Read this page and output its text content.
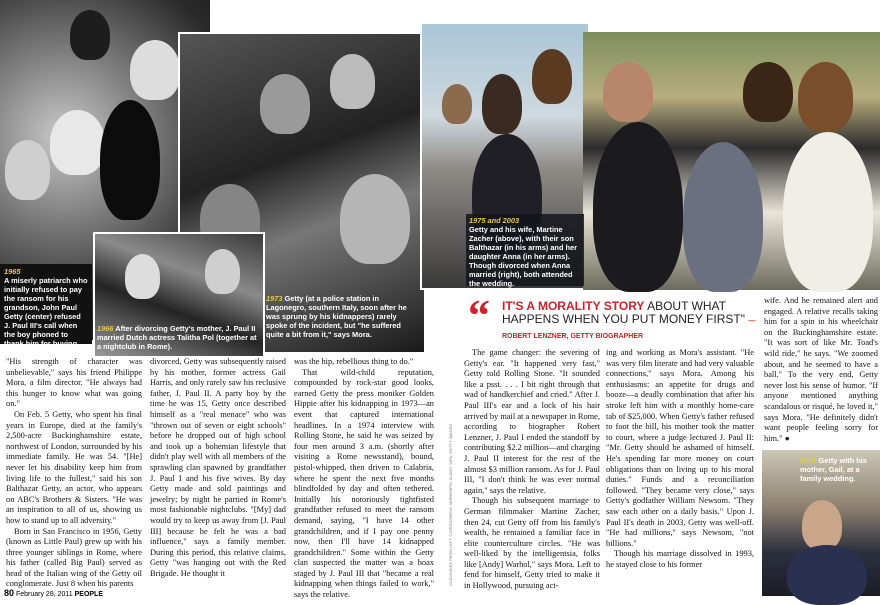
1965
A miserly patriarch who initially refused to pay the ransom for his grandson, John Paul Getty (center) refused J. Paul III's call when the boy phoned to thank him for buying his freedom.
1966 After divorcing Getty's mother, J. Paul II married Dutch actress Talitha Pol (together at a nightclub in Rome).
1973 Getty (at a police station in Lagonegro, southern Italy, soon after he was sprung by his kidnappers) rarely spoke of the incident, but "he suffered quite a bit from it," says Mora.
1975 and 2003
Getty and his wife, Martine Zacher (above), with their son Balthazar (in his arms) and her daughter Anna (in her arms). Though divorced when Anna married (right), both attended the wedding.
2003 Getty with his mother, Gail, at a family wedding.
CLOCKWISE FROM LEFT: CATERS/WENN; MIRRORPIX; ALAMY; SIPA; GETTY IMAGES
“ IT'S A MORALITY STORY ABOUT WHAT HAPPENS WHEN YOU PUT MONEY FIRST" —ROBERT LENZNER, GETTY BIOGRAPHER

"His strength of character was unbelievable," says his friend Philippe Mora, a film director. "He always had this hunger to know what was going on."

On Feb. 5 Getty, who spent his final years in Europe, died at the family's 2,500-acre Buckinghamshire estate, northwest of London, surrounded by his immediate family. He was 54. "[He] never let his disability keep him from living life to the fullest," said his son Balthazar Getty, an actor, who appears on ABC's Brothers & Sisters. "He was an inspiration to all of us, showing us how to stand up to all adversity."

Born in San Francisco in 1956, Getty (known as Little Paul) grew up with his three younger siblings in Rome, where his father (called Big Paul) served as head of the Italian wing of the Getty oil conglomerate. Just 8 when his parents

divorced, Getty was subsequently raised by his mother, former actress Gail Harris, and only rarely saw his reclusive father, J. Paul II. A party boy by the time he was 15, Getty once described himself as a "real menace" who was "thrown out of seven or eight schools" before he dropped out of high school and took up a bohemian lifestyle that didn't play well with all members of the sprawling clan spawned by grandfather J. Paul I and his five wives. By day Getty made and sold paintings and jewelry; by night he partied in Rome's most fashionable nightclubs. "[My] dad would try to keep us away from [J. Paul III] because he felt he was a bad influence," says a family member. During this period, this relative claims, Getty "was hanging out with the Red Brigade. He thought it

was the hip, rebellious thing to do."

That wild-child reputation, compounded by rock-star good looks, earned Getty the press moniker Golden Hippie after his kidnapping in 1973—an event that captured international headlines. In a 1974 interview with Rolling Stone, he said he was seized by four men around 3 a.m. (shortly after visiting a Rome newsstand), bound, pistol-whipped, then driven to Calabria, where he spent the next five months blindfolded by day and often tethered. Initially his notoriously tightfisted grandfather refused to meet the ransom demand, saying, "I have 14 other grandchildren, and if I pay one penny now, then I'll have 14 kidnapped grandchildren." Some within the Getty clan suspected the matter was a hoax staged by J. Paul III that "became a real kidnapping when things failed to work," says the relative.

The game changer: the severing of Getty's ear. "It happened very fast," Getty told Rolling Stone. "It sounded like a psst. . . . I bit right through that wad of handkerchief and cried." After J. Paul III's ear and a lock of his hair arrived by mail at a newspaper in Rome, according to biographer Robert Lenzner, J. Paul I ended the standoff by contributing $2.2 million—and charging J. Paul II interest for the rest of the almost $3 million ransom. As for J. Paul III, "I don't think he was ever normal again," says the relative.

Though his subsequent marriage to German filmmaker Martine Zacher, then 24, cut Getty off from his family's wealth, he remained a familiar face in elite counterculture circles. "He was well-liked by the intelligentsia, folks like [Andy] Warhol," says Mora. Left to fend for himself, Getty tried to make it in Hollywood, pursuing act-

ing and working as Mora's assistant. "He was very film literate and had very valuable connections," says Mora. Among his enthusiasms: an appetite for drugs and booze—a deadly combination that after his stroke left him with a monthly home-care tab of $25,000. When Getty's father refused to foot the bill, his mother took the matter to court, where a judge lectured J. Paul II: "Mr. Getty should be ashamed of himself. He's spending far more money on court obligations than on living up to his moral duties." Funds and a reconciliation followed. "They became very close," says Getty's godfather William Newsom. "They saw each other on a daily basis." Upon J. Paul II's death in 2003, Getty was well-off. "He had millions," says Newsom, "not billions."

Though his marriage dissolved in 1993, he stayed close to his former

wife. And he remained alert and engaged. A relative recalls taking him for a spin in his wheelchair on the Buckinghamshire estate. "It was sort of like Mr. Toad's wild ride," he says. "We zoomed about, and he seemed to have a ball." To the very end, Getty never lost his sense of humor. "If anyone mentioned anything scandalous or risqué, he loved it," says Mora. "He definitely didn't want people feeling sorry for him." ●

80 February 28, 2011 PEOPLE
